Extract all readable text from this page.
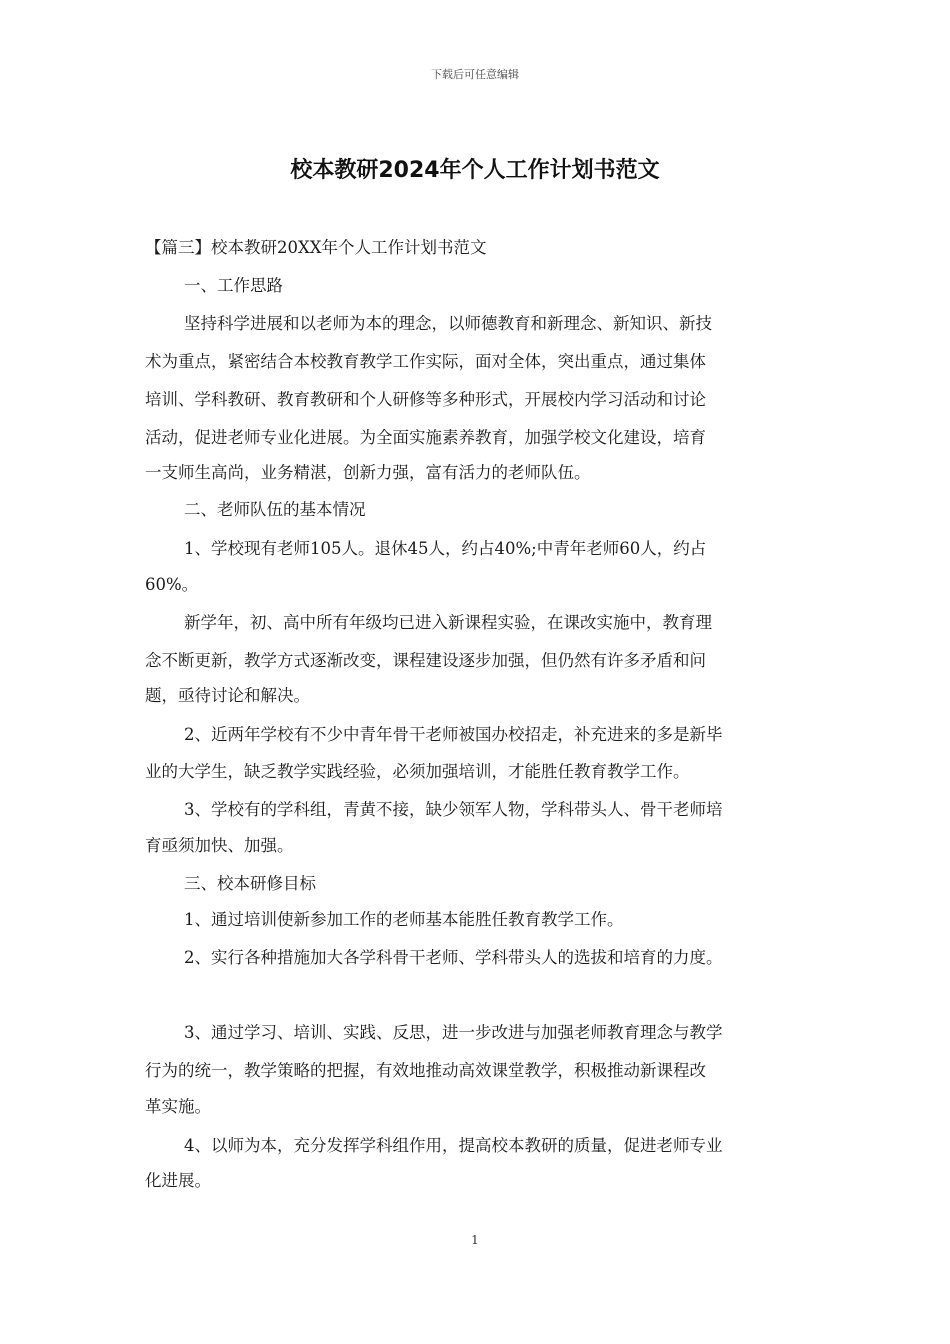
下载后可任意编辑
校本教研2024年个人工作计划书范文
【篇三】校本教研20XX年个人工作计划书范文
一、工作思路
坚持科学进展和以老师为本的理念，以师德教育和新理念、新知识、新技
术为重点，紧密结合本校教育教学工作实际，面对全体，突出重点，通过集体
培训、学科教研、教育教研和个人研修等多种形式，开展校内学习活动和讨论
活动，促进老师专业化进展。为全面实施素养教育，加强学校文化建设，培育
一支师生高尚，业务精湛，创新力强，富有活力的老师队伍。
二、老师队伍的基本情况
1、学校现有老师105人。退休45人，约占40%;中青年老师60人，约占
60%。
新学年，初、高中所有年级均已进入新课程实验，在课改实施中，教育理
念不断更新，教学方式逐渐改变，课程建设逐步加强，但仍然有许多矛盾和问
题，亟待讨论和解决。
2、近两年学校有不少中青年骨干老师被国办校招走，补充进来的多是新毕
业的大学生，缺乏教学实践经验，必须加强培训，才能胜任教育教学工作。
3、学校有的学科组，青黄不接，缺少领军人物，学科带头人、骨干老师培
育亟须加快、加强。
三、校本研修目标
1、通过培训使新参加工作的老师基本能胜任教育教学工作。
2、实行各种措施加大各学科骨干老师、学科带头人的选拔和培育的力度。
3、通过学习、培训、实践、反思，进一步改进与加强老师教育理念与教学
行为的统一，教学策略的把握，有效地推动高效课堂教学，积极推动新课程改
革实施。
4、以师为本，充分发挥学科组作用，提高校本教研的质量，促进老师专业
化进展。
1
